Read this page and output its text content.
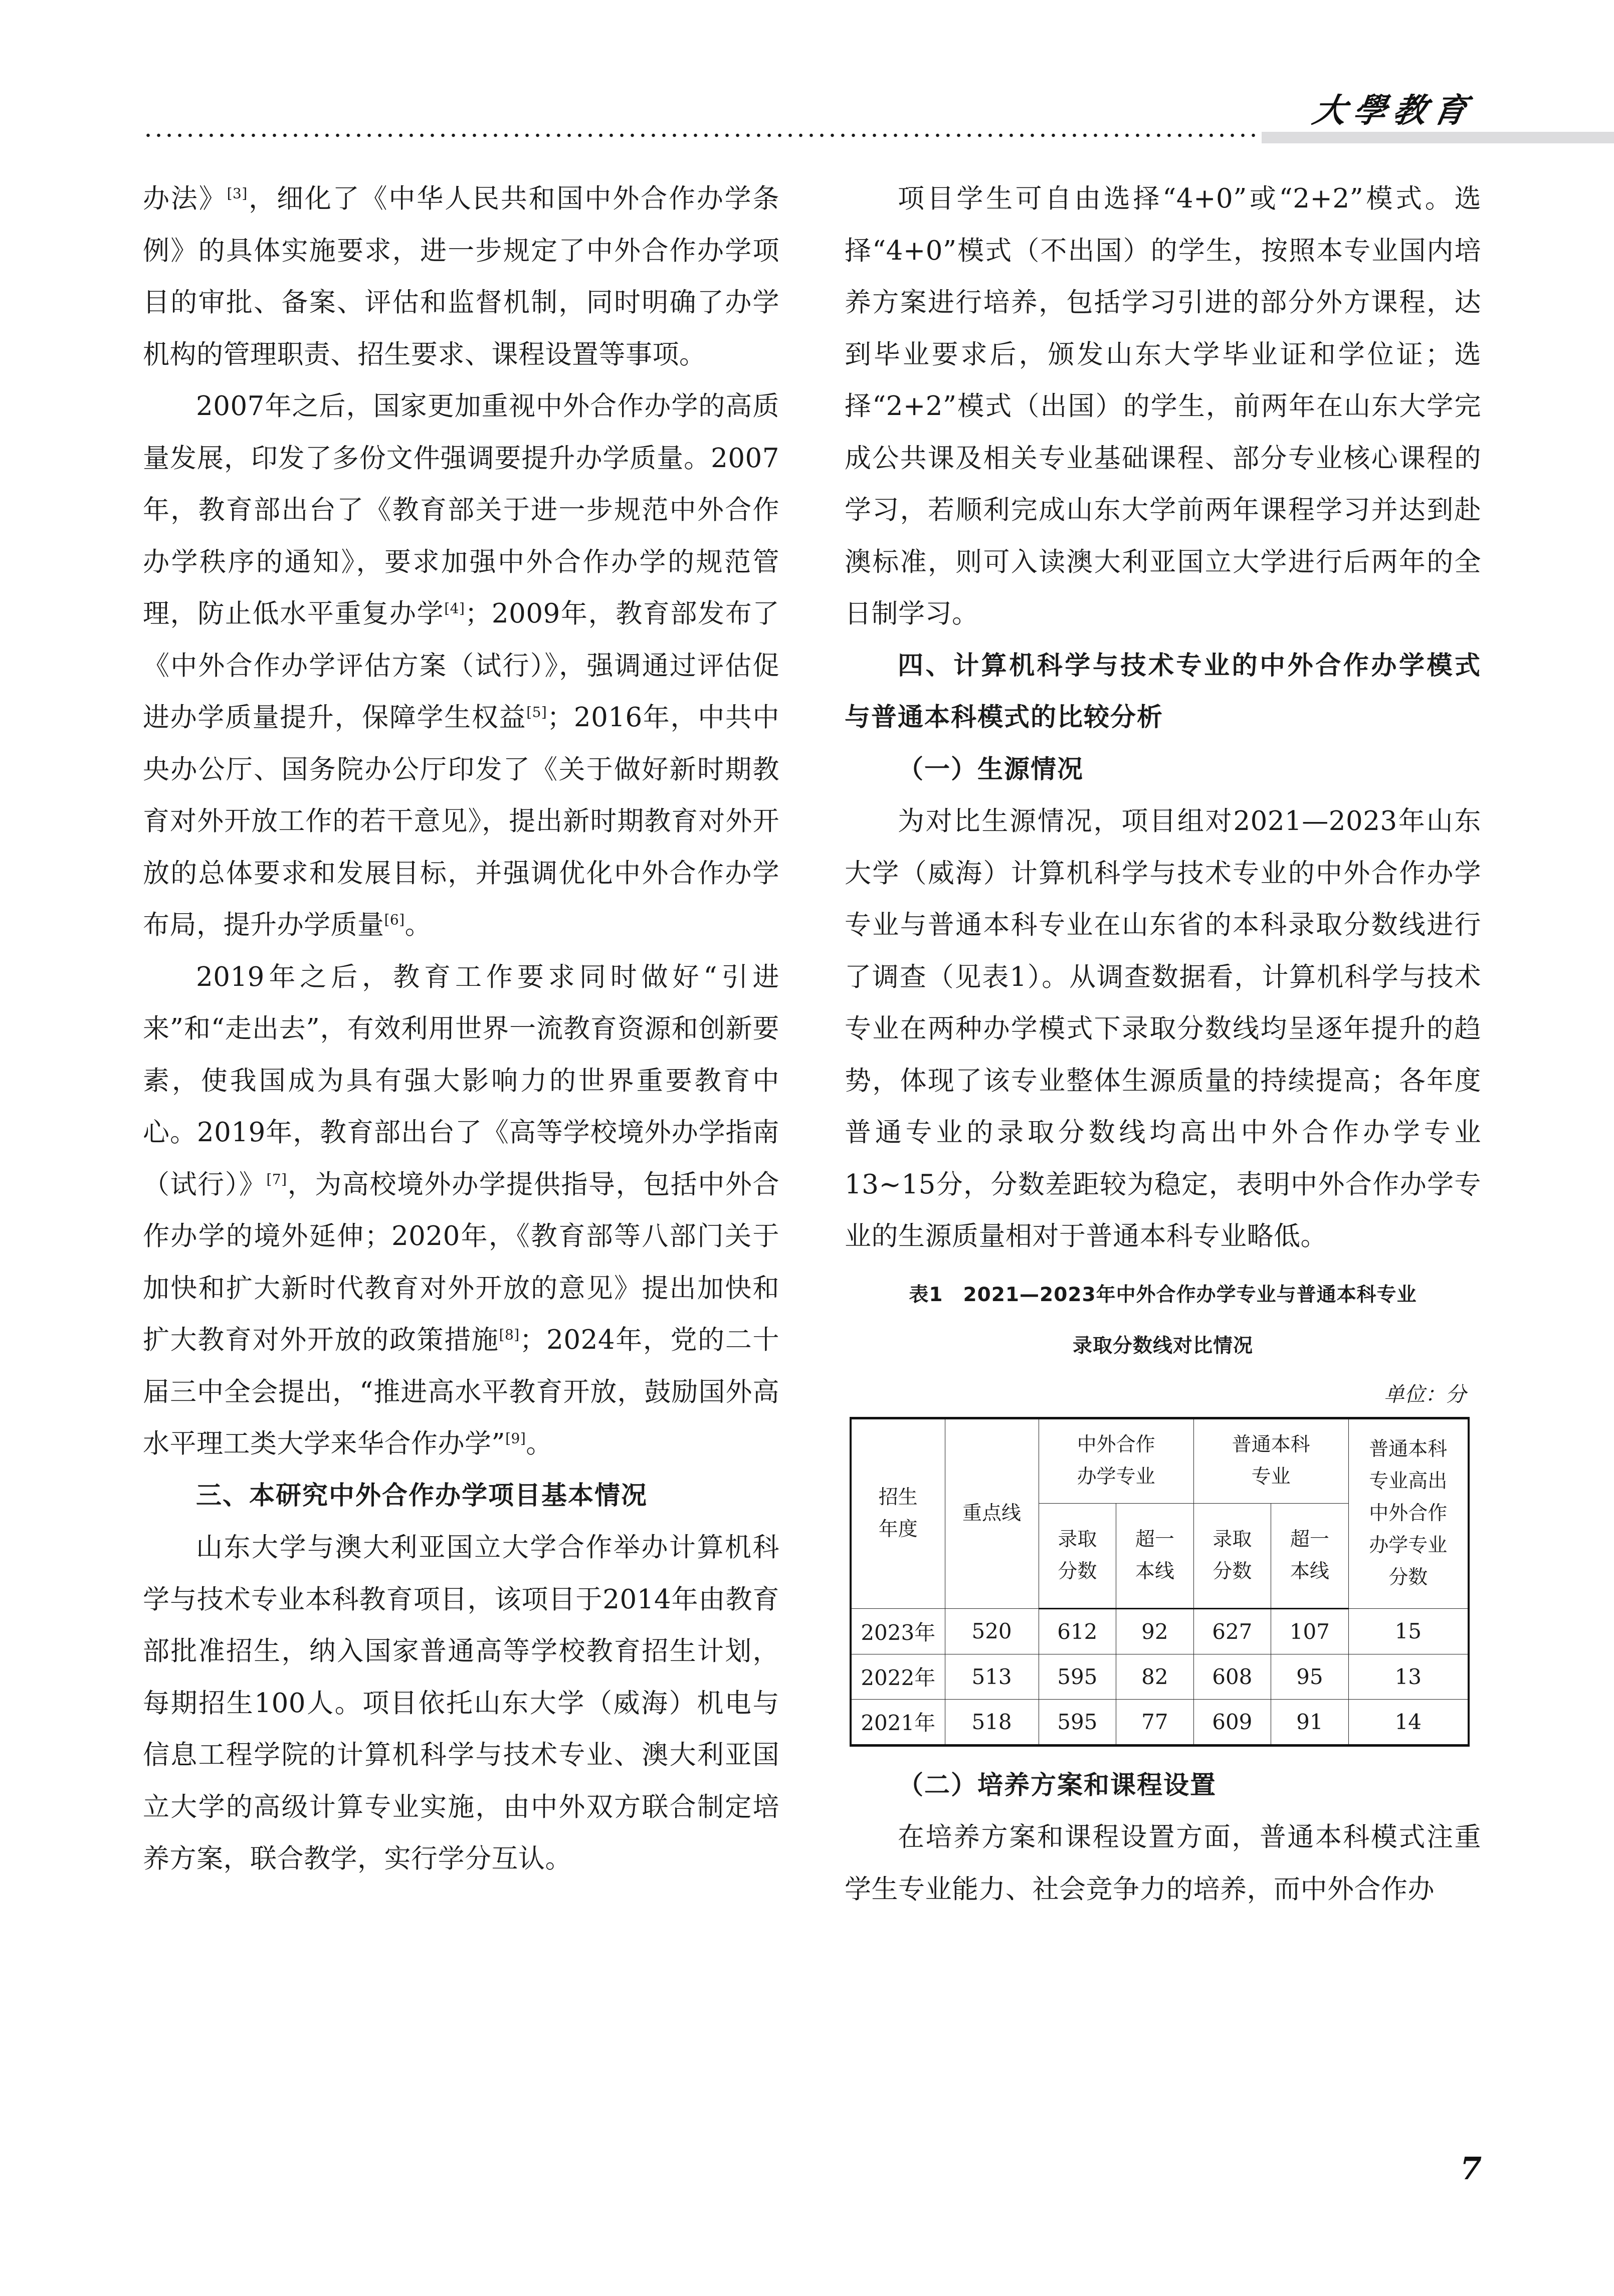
大學教育

办法》[3]，细化了《中华人民共和国中外合作办学条例》的具体实施要求，进一步规定了中外合作办学项目的审批、备案、评估和监督机制，同时明确了办学机构的管理职责、招生要求、课程设置等事项。

2007年之后，国家更加重视中外合作办学的高质量发展，印发了多份文件强调要提升办学质量。2007年，教育部出台了《教育部关于进一步规范中外合作办学秩序的通知》，要求加强中外合作办学的规范管理，防止低水平重复办学[4]；2009年，教育部发布了《中外合作办学评估方案（试行）》，强调通过评估促进办学质量提升，保障学生权益[5]；2016年，中共中央办公厅、国务院办公厅印发了《关于做好新时期教育对外开放工作的若干意见》，提出新时期教育对外开放的总体要求和发展目标，并强调优化中外合作办学布局，提升办学质量[6]。

2019年之后，教育工作要求同时做好“引进来”和“走出去”，有效利用世界一流教育资源和创新要素，使我国成为具有强大影响力的世界重要教育中心。2019年，教育部出台了《高等学校境外办学指南（试行）》[7]，为高校境外办学提供指导，包括中外合作办学的境外延伸；2020年，《教育部等八部门关于加快和扩大新时代教育对外开放的意见》提出加快和扩大教育对外开放的政策措施[8]；2024年，党的二十届三中全会提出，“推进高水平教育开放，鼓励国外高水平理工类大学来华合作办学”[9]。

三、本研究中外合作办学项目基本情况

山东大学与澳大利亚国立大学合作举办计算机科学与技术专业本科教育项目，该项目于2014年由教育部批准招生，纳入国家普通高等学校教育招生计划，每期招生100人。项目依托山东大学（威海）机电与信息工程学院的计算机科学与技术专业、澳大利亚国立大学的高级计算专业实施，由中外双方联合制定培养方案，联合教学，实行学分互认。

项目学生可自由选择“4+0”或“2+2”模式。选择“4+0”模式（不出国）的学生，按照本专业国内培养方案进行培养，包括学习引进的部分外方课程，达到毕业要求后，颁发山东大学毕业证和学位证；选择“2+2”模式（出国）的学生，前两年在山东大学完成公共课及相关专业基础课程、部分专业核心课程的学习，若顺利完成山东大学前两年课程学习并达到赴澳标准，则可入读澳大利亚国立大学进行后两年的全日制学习。

四、计算机科学与技术专业的中外合作办学模式与普通本科模式的比较分析
（一）生源情况

为对比生源情况，项目组对2021—2023年山东大学（威海）计算机科学与技术专业的中外合作办学专业与普通本科专业在山东省的本科录取分数线进行了调查（见表1）。从调查数据看，计算机科学与技术专业在两种办学模式下录取分数线均呈逐年提升的趋势，体现了该专业整体生源质量的持续提高；各年度普通专业的录取分数线均高出中外合作办学专业13~15分，分数差距较为稳定，表明中外合作办学专业的生源质量相对于普通本科专业略低。

表1　2021—2023年中外合作办学专业与普通本科专业

录取分数线对比情况

单位：分

招生年度	重点线	中外合作办学专业		普通本科专业		普通本科专业高出中外合作办学专业分数

		录取分数	超一本线	录取分数	超一本线	

2023年	520	612	92	627	107	15
2022年	513	595	82	608	95	13
2021年	518	595	77	609	91	14
（二）培养方案和课程设置

在培养方案和课程设置方面，普通本科模式注重学生专业能力、社会竞争力的培养，而中外合作办

7
